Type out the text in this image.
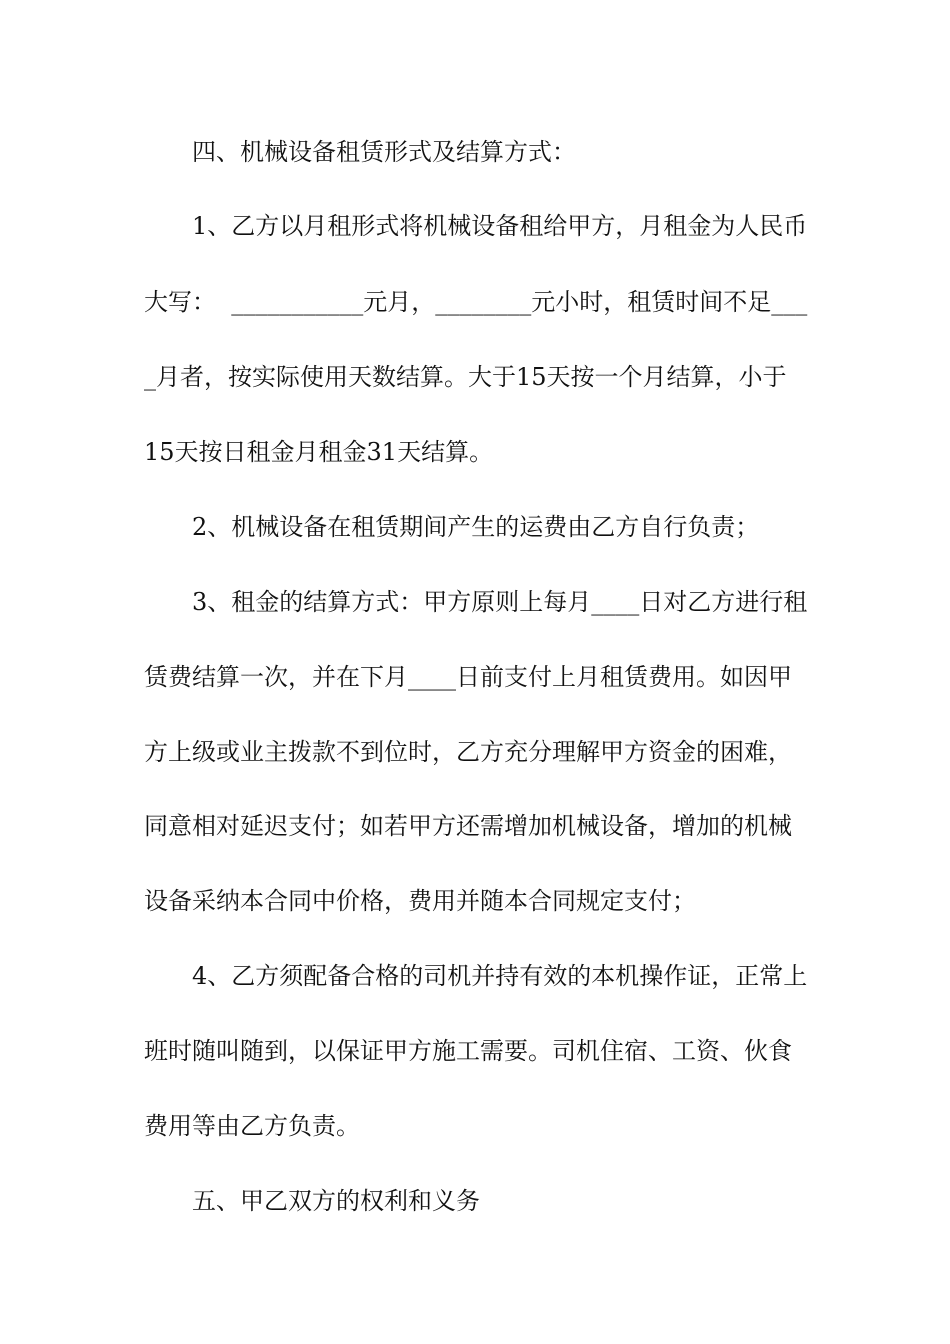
四、机械设备租赁形式及结算方式：
1、乙方以月租形式将机械设备租给甲方，月租金为人民币
大写：  ___________元月，________元小时，租赁时间不足___
_月者，按实际使用天数结算。大于15天按一个月结算，小于
15天按日租金月租金31天结算。
2、机械设备在租赁期间产生的运费由乙方自行负责；
3、租金的结算方式：甲方原则上每月____日对乙方进行租
赁费结算一次，并在下月____日前支付上月租赁费用。如因甲
方上级或业主拨款不到位时，乙方充分理解甲方资金的困难，
同意相对延迟支付；如若甲方还需增加机械设备，增加的机械
设备采纳本合同中价格，费用并随本合同规定支付；
4、乙方须配备合格的司机并持有效的本机操作证，正常上
班时随叫随到，以保证甲方施工需要。司机住宿、工资、伙食
费用等由乙方负责。
五、甲乙双方的权利和义务
